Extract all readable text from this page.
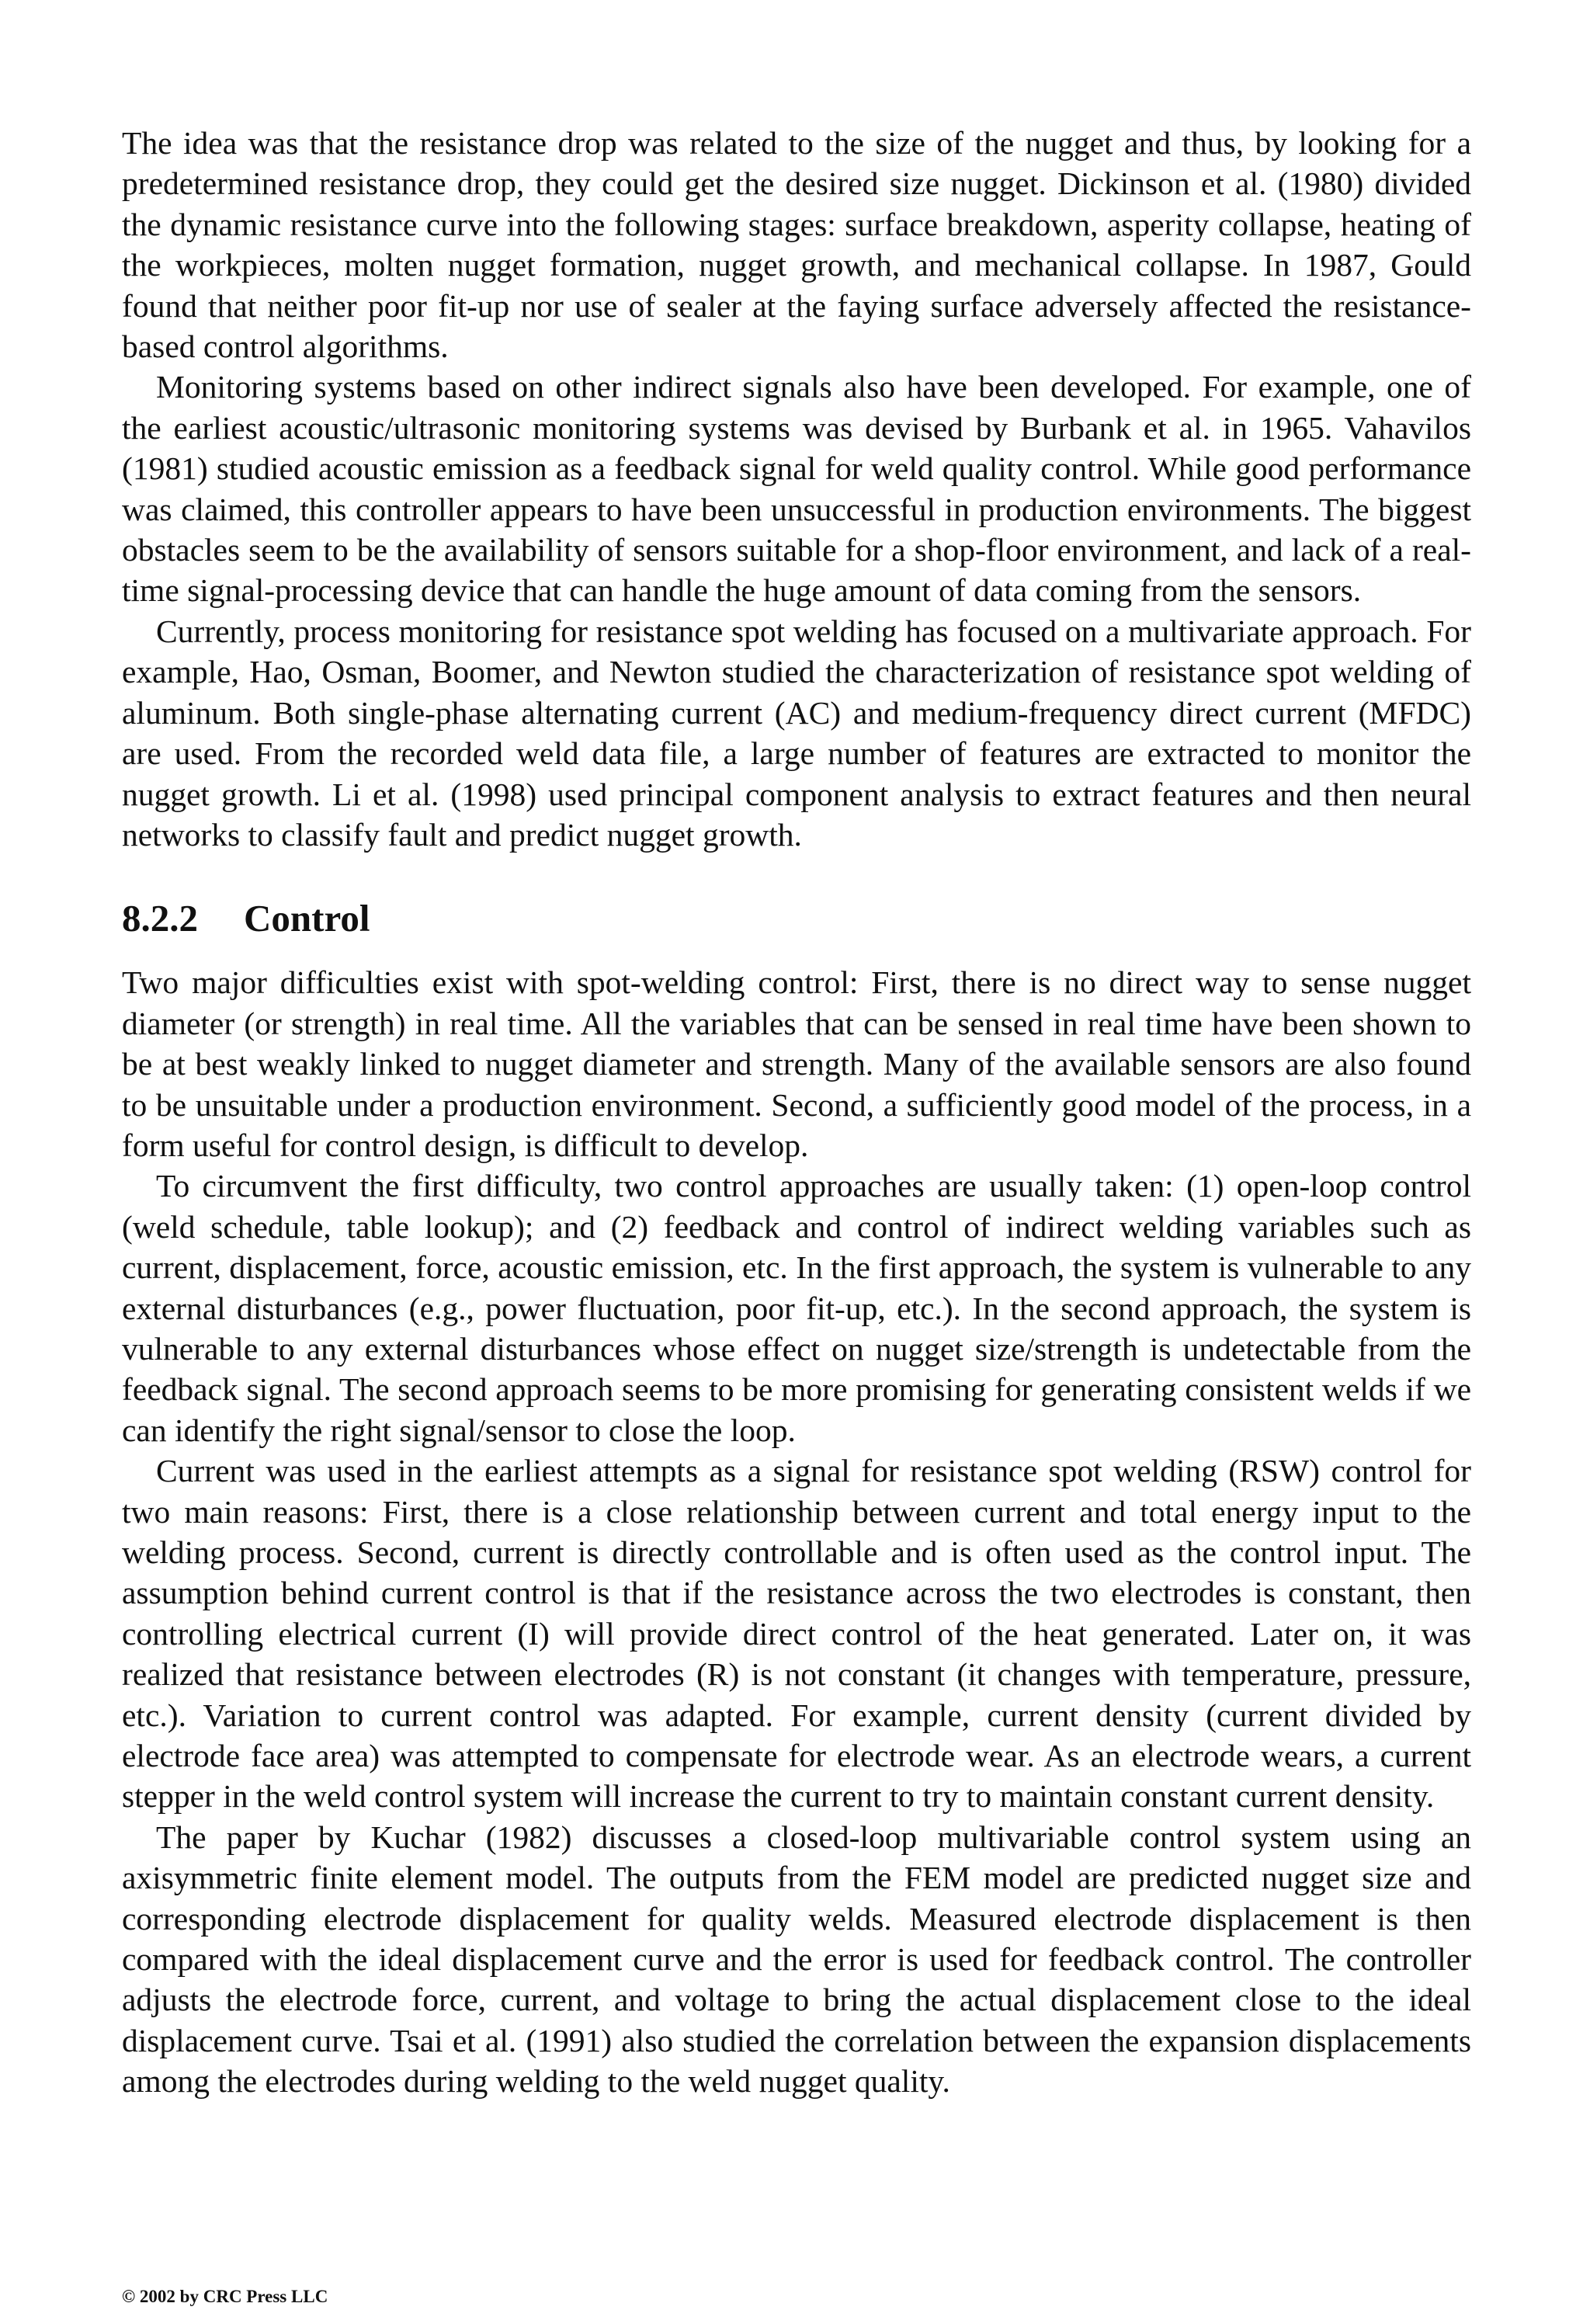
The idea was that the resistance drop was related to the size of the nugget and thus, by looking for a predetermined resistance drop, they could get the desired size nugget. Dickinson et al. (1980) divided the dynamic resistance curve into the following stages: surface breakdown, asperity collapse, heating of the workpieces, molten nugget formation, nugget growth, and mechanical collapse. In 1987, Gould found that neither poor fit-up nor use of sealer at the faying surface adversely affected the resistance-based control algorithms.

Monitoring systems based on other indirect signals also have been developed. For example, one of the earliest acoustic/ultrasonic monitoring systems was devised by Burbank et al. in 1965. Vahavilos (1981) studied acoustic emission as a feedback signal for weld quality control. While good performance was claimed, this controller appears to have been unsuccessful in production environments. The biggest obstacles seem to be the availability of sensors suitable for a shop-floor environment, and lack of a real-time signal-processing device that can handle the huge amount of data coming from the sensors.

Currently, process monitoring for resistance spot welding has focused on a multivariate approach. For example, Hao, Osman, Boomer, and Newton studied the characterization of resistance spot welding of aluminum. Both single-phase alternating current (AC) and medium-frequency direct current (MFDC) are used. From the recorded weld data file, a large number of features are extracted to monitor the nugget growth. Li et al. (1998) used principal component analysis to extract features and then neural networks to classify fault and predict nugget growth.

8.2.2 Control

Two major difficulties exist with spot-welding control: First, there is no direct way to sense nugget diameter (or strength) in real time. All the variables that can be sensed in real time have been shown to be at best weakly linked to nugget diameter and strength. Many of the available sensors are also found to be unsuitable under a production environment. Second, a sufficiently good model of the process, in a form useful for control design, is difficult to develop.

To circumvent the first difficulty, two control approaches are usually taken: (1) open-loop control (weld schedule, table lookup); and (2) feedback and control of indirect welding variables such as current, displacement, force, acoustic emission, etc. In the first approach, the system is vulnerable to any external disturbances (e.g., power fluctuation, poor fit-up, etc.). In the second approach, the system is vulnerable to any external disturbances whose effect on nugget size/strength is undetectable from the feedback signal. The second approach seems to be more promising for generating consistent welds if we can identify the right signal/sensor to close the loop.

Current was used in the earliest attempts as a signal for resistance spot welding (RSW) control for two main reasons: First, there is a close relationship between current and total energy input to the welding process. Second, current is directly controllable and is often used as the control input. The assumption behind current control is that if the resistance across the two electrodes is constant, then controlling electrical current (I) will provide direct control of the heat generated. Later on, it was realized that resistance between electrodes (R) is not constant (it changes with temperature, pressure, etc.). Variation to current control was adapted. For example, current density (current divided by electrode face area) was attempted to compensate for electrode wear. As an electrode wears, a current stepper in the weld control system will increase the current to try to maintain constant current density.

The paper by Kuchar (1982) discusses a closed-loop multivariable control system using an axisymmetric finite element model. The outputs from the FEM model are predicted nugget size and corresponding electrode displacement for quality welds. Measured electrode displacement is then compared with the ideal displacement curve and the error is used for feedback control. The controller adjusts the electrode force, current, and voltage to bring the actual displacement close to the ideal displacement curve. Tsai et al. (1991) also studied the correlation between the expansion displacements among the electrodes during welding to the weld nugget quality.

© 2002 by CRC Press LLC
